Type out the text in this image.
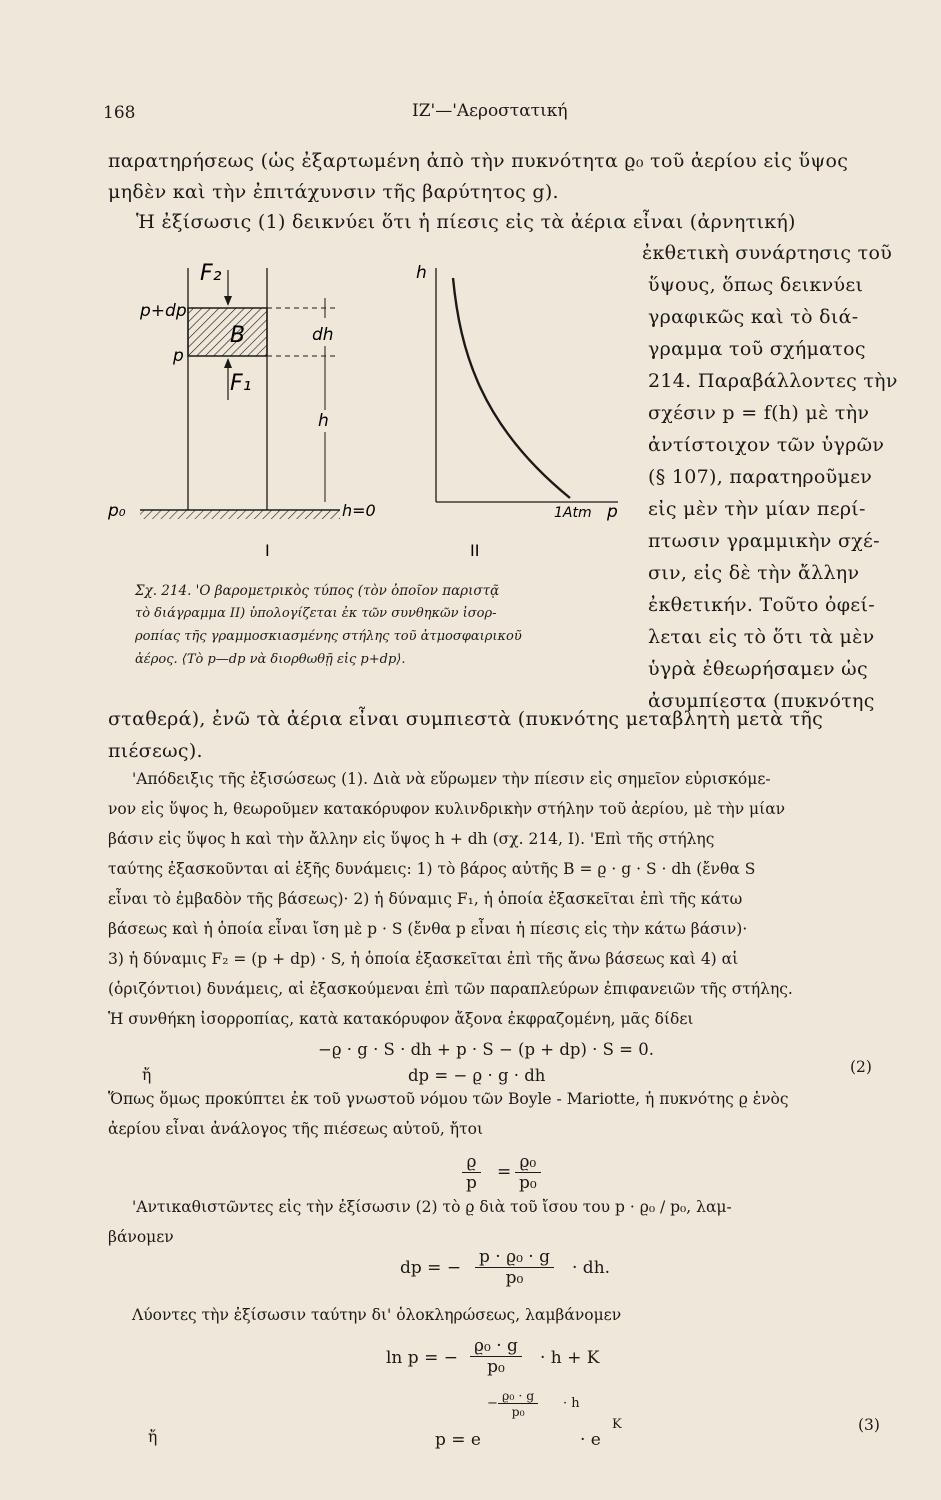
168	ΙΖ'—'Αεροστατική
παρατηρήσεως (ὡς ἐξαρτωμένη ἀπὸ τὴν πυκνότητα ϱ₀ τοῦ ἀερίου εἰς ὕψος
μηδὲν καὶ τὴν ἐπιτάχυνσιν τῆς βαρύτητος g).
Ἡ ἐξίσωσις (1) δεικνύει ὅτι ἡ πίεσις εἰς τὰ ἀέρια εἶναι (ἀρνητική)
ἐκθετικὴ συνάρτησις τοῦ
ὕψους, ὅπως δεικνύει
γραφικῶς καὶ τὸ διά-
γραμμα τοῦ σχήματος
214. Παραβάλλοντες τὴν
σχέσιν p = f(h) μὲ τὴν
ἀντίστοιχον τῶν ὑγρῶν
(§ 107), παρατηροῦμεν
εἰς μὲν τὴν μίαν περί-
πτωσιν γραμμικὴν σχέ-
σιν, εἰς δὲ τὴν ἄλλην
ἐκθετικήν. Τοῦτο ὀφεί-
λεται εἰς τὸ ὅτι τὰ μὲν
ὑγρὰ ἐθεωρήσαμεν ὡς
ἀσυμπίεστα (πυκνότης
F₂
p+dp
p
B
F₁
dh
h
p₀	h=0
I
h
1Atm p
II
Σχ. 214. 'Ο βαρομετρικὸς τύπος (τὸν ὁποῖον παριστᾷ
τὸ διάγραμμα II) ὑπολογίζεται ἐκ τῶν συνθηκῶν ἰσορ-
ροπίας τῆς γραμμοσκιασμένης στήλης τοῦ ἀτμοσφαιρικοῦ
ἀέρος. ⟨Τὸ p—dp νὰ διορθωθῇ εἰς p+dp⟩.
σταθερά), ἐνῶ τὰ ἀέρια εἶναι συμπιεστὰ (πυκνότης μεταβλητὴ μετὰ τῆς
πιέσεως).
'Απόδειξις τῆς ἐξισώσεως (1). Διὰ νὰ εὕρωμεν τὴν πίεσιν εἰς σημεῖον εὑρισκόμε-
νον εἰς ὕψος h, θεωροῦμεν κατακόρυφον κυλινδρικὴν στήλην τοῦ ἀερίου, μὲ τὴν μίαν
βάσιν εἰς ὕψος h καὶ τὴν ἄλλην εἰς ὕψος h + dh (σχ. 214, I). 'Επὶ τῆς στήλης
ταύτης ἐξασκοῦνται αἱ ἑξῆς δυνάμεις: 1) τὸ βάρος αὐτῆς B = ϱ · g · S · dh (ἔνθα S
εἶναι τὸ ἐμβαδὸν τῆς βάσεως)· 2) ἡ δύναμις F₁, ἡ ὁποία ἐξασκεῖται ἐπὶ τῆς κάτω
βάσεως καὶ ἡ ὁποία εἶναι ἴση μὲ p · S (ἔνθα p εἶναι ἡ πίεσις εἰς τὴν κάτω βάσιν)·
3) ἡ δύναμις F₂ = (p + dp) · S, ἡ ὁποία ἐξασκεῖται ἐπὶ τῆς ἄνω βάσεως καὶ 4) αἱ
(ὁριζόντιοι) δυνάμεις, αἱ ἐξασκούμεναι ἐπὶ τῶν παραπλεύρων ἐπιφανειῶν τῆς στήλης.
Ἡ συνθήκη ἰσορροπίας, κατὰ κατακόρυφον ἄξονα ἐκφραζομένη, μᾶς δίδει
−ϱ · g · S · dh + p · S − (p + dp) · S = 0.
ἤ	dp = − ϱ · g · dh	(2)
Ὅπως ὅμως προκύπτει ἐκ τοῦ γνωστοῦ νόμου τῶν Boyle - Mariotte, ἡ πυκνότης ϱ ἑνὸς
ἀερίου εἶναι ἀνάλογος τῆς πιέσεως αὐτοῦ, ἤτοι
$\frac{ϱ}{p} = \frac{\text{ϱ₀}}{\text{p₀}}$
'Αντικαθιστῶντες εἰς τὴν ἐξίσωσιν (2) τὸ ϱ διὰ τοῦ ἴσου του p · ϱ₀ / p₀, λαμ-
βάνομεν
dp = − $\frac{\text{p · ϱ₀ · g}}{\text{p₀}}$ · dh.
Λύοντες τὴν ἐξίσωσιν ταύτην δι' ὁλοκληρώσεως, λαμβάνομεν
ln p = − $\frac{\text{ϱ₀ · g}}{\text{p₀}} \cdot h + K$
ἤ	p = e
− $\frac{\text{ϱ₀ · g}}{\text{p₀}} \cdot h$
· e
K	(3)
